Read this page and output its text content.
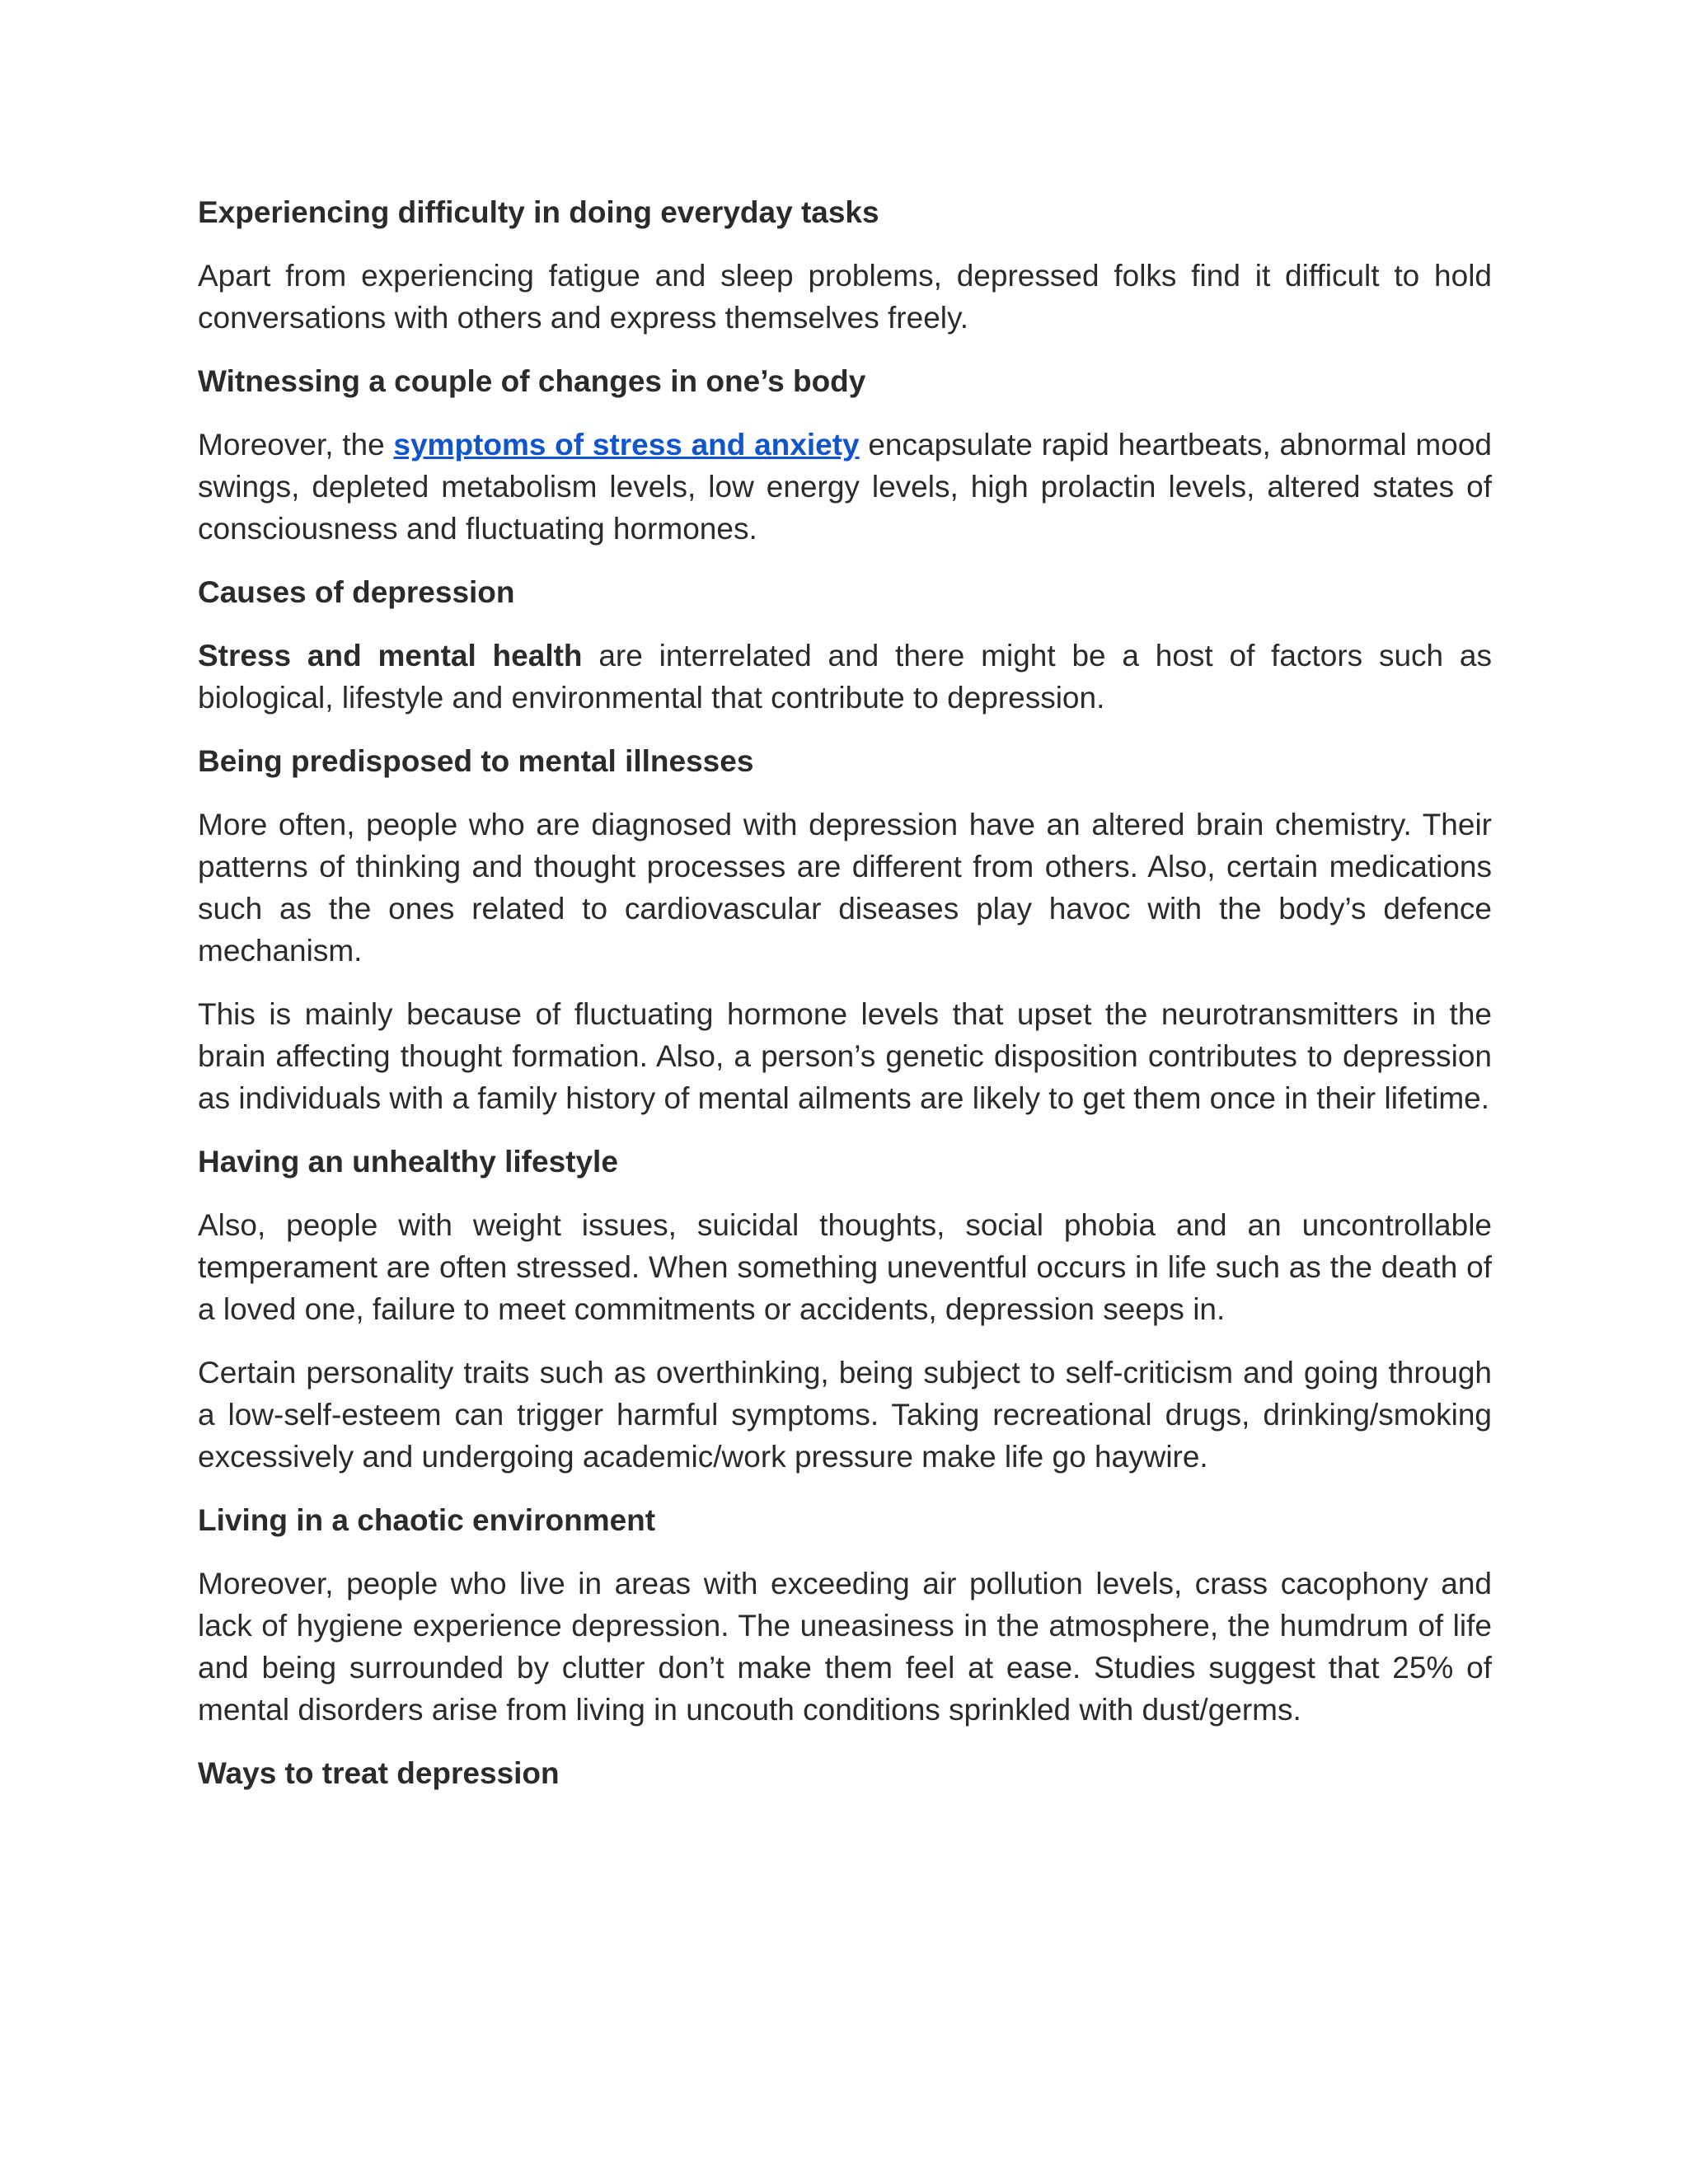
Experiencing difficulty in doing everyday tasks

Apart from experiencing fatigue and sleep problems, depressed folks find it difficult to hold conversations with others and express themselves freely.

Witnessing a couple of changes in one’s body

Moreover, the symptoms of stress and anxiety encapsulate rapid heartbeats, abnormal mood swings, depleted metabolism levels, low energy levels, high prolactin levels, altered states of consciousness and fluctuating hormones.

Causes of depression

Stress and mental health are interrelated and there might be a host of factors such as biological, lifestyle and environmental that contribute to depression.

Being predisposed to mental illnesses

More often, people who are diagnosed with depression have an altered brain chemistry. Their patterns of thinking and thought processes are different from others. Also, certain medications such as the ones related to cardiovascular diseases play havoc with the body’s defence mechanism.

This is mainly because of fluctuating hormone levels that upset the neurotransmitters in the brain affecting thought formation. Also, a person’s genetic disposition contributes to depression as individuals with a family history of mental ailments are likely to get them once in their lifetime.

Having an unhealthy lifestyle

Also, people with weight issues, suicidal thoughts, social phobia and an uncontrollable temperament are often stressed. When something uneventful occurs in life such as the death of a loved one, failure to meet commitments or accidents, depression seeps in.

Certain personality traits such as overthinking, being subject to self-criticism and going through a low-self-esteem can trigger harmful symptoms. Taking recreational drugs, drinking/smoking excessively and undergoing academic/work pressure make life go haywire.

Living in a chaotic environment

Moreover, people who live in areas with exceeding air pollution levels, crass cacophony and lack of hygiene experience depression. The uneasiness in the atmosphere, the humdrum of life and being surrounded by clutter don’t make them feel at ease. Studies suggest that 25% of mental disorders arise from living in uncouth conditions sprinkled with dust/germs.

Ways to treat depression
